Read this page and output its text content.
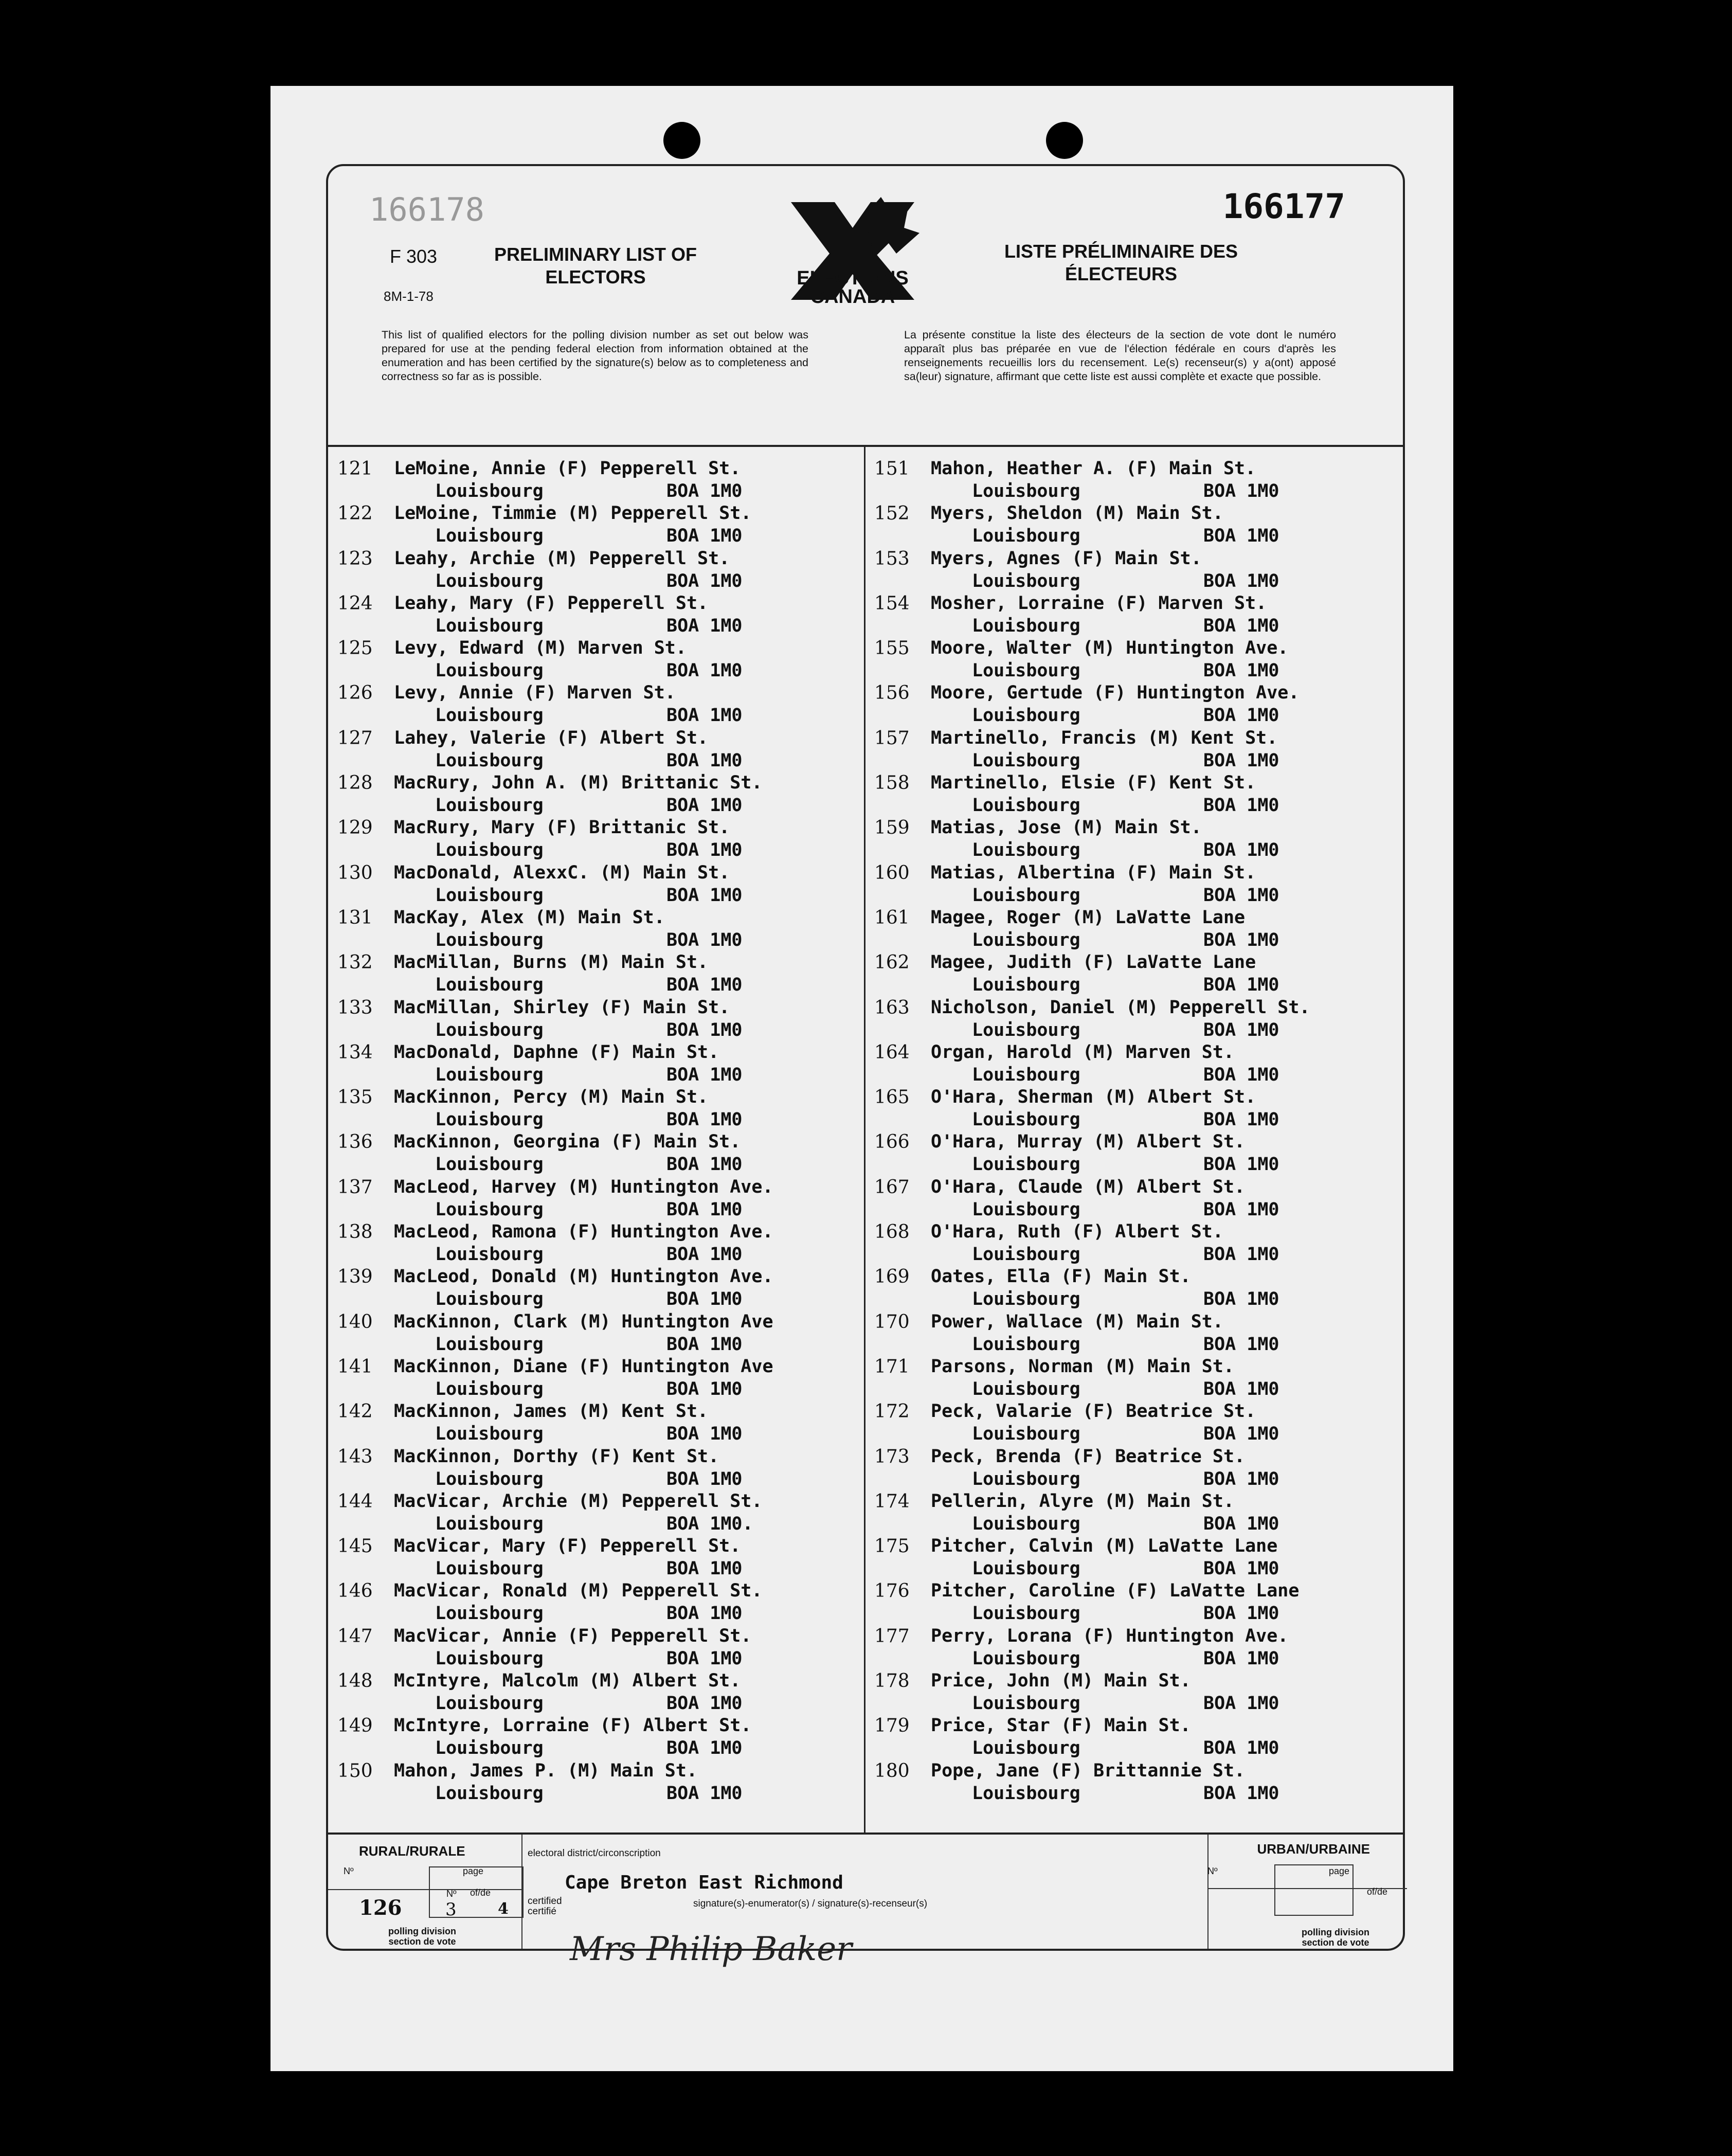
166178	166177
F 303
8M-1-78
PRELIMINARY LIST OF ELECTORS
LISTE PRÉLIMINAIRE DES ÉLECTEURS
ELECTIONS CANADA
This list of qualified electors for the polling division number as set out below was prepared for use at the pending federal election from information obtained at the enumeration and has been certified by the signature(s) below as to completeness and correctness so far as is possible.
La présente constitue la liste des électeurs de la section de vote dont le numéro apparaît plus bas préparée en vue de l'élection fédérale en cours d'après les renseignements recueillis lors du recensement. Le(s) recenseur(s) y a(ont) apposé sa(leur) signature, affirmant que cette liste est aussi complète et exacte que possible.
121 LeMoine, Annie (F) Pepperell St.
Louisbourg	BOA 1M0
122 LeMoine, Timmie (M) Pepperell St.
Louisbourg	BOA 1M0
123 Leahy, Archie (M) Pepperell St.
Louisbourg	BOA 1M0
124 Leahy, Mary (F) Pepperell St.
Louisbourg	BOA 1M0
125 Levy, Edward (M) Marven St.
Louisbourg	BOA 1M0
126 Levy, Annie (F) Marven St.
Louisbourg	BOA 1M0
127 Lahey, Valerie (F) Albert St.
Louisbourg	BOA 1M0
128 MacRury, John A. (M) Brittanic St.
Louisbourg	BOA 1M0
129 MacRury, Mary (F) Brittanic St.
Louisbourg	BOA 1M0
130 MacDonald, AlexxC. (M) Main St.
Louisbourg	BOA 1M0
131 MacKay, Alex (M) Main St.
Louisbourg	BOA 1M0
132 MacMillan, Burns (M) Main St.
Louisbourg	BOA 1M0
133 MacMillan, Shirley (F) Main St.
Louisbourg	BOA 1M0
134 MacDonald, Daphne (F) Main St.
Louisbourg	BOA 1M0
135 MacKinnon, Percy (M) Main St.
Louisbourg	BOA 1M0
136 MacKinnon, Georgina (F) Main St.
Louisbourg	BOA 1M0
137 MacLeod, Harvey (M) Huntington Ave.
Louisbourg	BOA 1M0
138 MacLeod, Ramona (F) Huntington Ave.
Louisbourg	BOA 1M0
139 MacLeod, Donald (M) Huntington Ave.
Louisbourg	BOA 1M0
140 MacKinnon, Clark (M) Huntington Ave
Louisbourg	BOA 1M0
141 MacKinnon, Diane (F) Huntington Ave
Louisbourg	BOA 1M0
142 MacKinnon, James (M) Kent St.
Louisbourg	BOA 1M0
143 MacKinnon, Dorthy (F) Kent St.
Louisbourg	BOA 1M0
144 MacVicar, Archie (M) Pepperell St.
Louisbourg	BOA 1M0.
145 MacVicar, Mary (F) Pepperell St.
Louisbourg	BOA 1M0
146 MacVicar, Ronald (M) Pepperell St.
Louisbourg	BOA 1M0
147 MacVicar, Annie (F) Pepperell St.
Louisbourg	BOA 1M0
148 McIntyre, Malcolm (M) Albert St.
Louisbourg	BOA 1M0
149 McIntyre, Lorraine (F) Albert St.
Louisbourg	BOA 1M0
150 Mahon, James P. (M) Main St.
Louisbourg	BOA 1M0
151 Mahon, Heather A. (F) Main St.
Louisbourg	BOA 1M0
152 Myers, Sheldon (M) Main St.
Louisbourg	BOA 1M0
153 Myers, Agnes (F) Main St.
Louisbourg	BOA 1M0
154 Mosher, Lorraine (F) Marven St.
Louisbourg	BOA 1M0
155 Moore, Walter (M) Huntington Ave.
Louisbourg	BOA 1M0
156 Moore, Gertude (F) Huntington Ave.
Louisbourg	BOA 1M0
157 Martinello, Francis (M) Kent St.
Louisbourg	BOA 1M0
158 Martinello, Elsie (F) Kent St.
Louisbourg	BOA 1M0
159 Matias, Jose (M) Main St.
Louisbourg	BOA 1M0
160 Matias, Albertina (F) Main St.
Louisbourg	BOA 1M0
161 Magee, Roger (M) LaVatte Lane
Louisbourg	BOA 1M0
162 Magee, Judith (F) LaVatte Lane
Louisbourg	BOA 1M0
163 Nicholson, Daniel (M) Pepperell St.
Louisbourg	BOA 1M0
164 Organ, Harold (M) Marven St.
Louisbourg	BOA 1M0
165 O'Hara, Sherman (M) Albert St.
Louisbourg	BOA 1M0
166 O'Hara, Murray (M) Albert St.
Louisbourg	BOA 1M0
167 O'Hara, Claude (M) Albert St.
Louisbourg	BOA 1M0
168 O'Hara, Ruth (F) Albert St.
Louisbourg	BOA 1M0
169 Oates, Ella (F) Main St.
Louisbourg	BOA 1M0
170 Power, Wallace (M) Main St.
Louisbourg	BOA 1M0
171 Parsons, Norman (M) Main St.
Louisbourg	BOA 1M0
172 Peck, Valarie (F) Beatrice St.
Louisbourg	BOA 1M0
173 Peck, Brenda (F) Beatrice St.
Louisbourg	BOA 1M0
174 Pellerin, Alyre (M) Main St.
Louisbourg	BOA 1M0
175 Pitcher, Calvin (M) LaVatte Lane
Louisbourg	BOA 1M0
176 Pitcher, Caroline (F) LaVatte Lane
Louisbourg	BOA 1M0
177 Perry, Lorana (F) Huntington Ave.
Louisbourg	BOA 1M0
178 Price, John (M) Main St.
Louisbourg	BOA 1M0
179 Price, Star (F) Main St.
Louisbourg	BOA 1M0
180 Pope, Jane (F) Brittannie St.
Louisbourg	BOA 1M0
RURAL/RURALE
Nº	page
126
Nº
3
of/de
4
polling division section de vote
electoral district/circonscription
Cape Breton East Richmond
certified certifié
signature(s)-enumerator(s) / signature(s)-recenseur(s)
Mrs Philip Baker
URBAN/URBAINE
Nº	page
of/de
polling division section de vote
